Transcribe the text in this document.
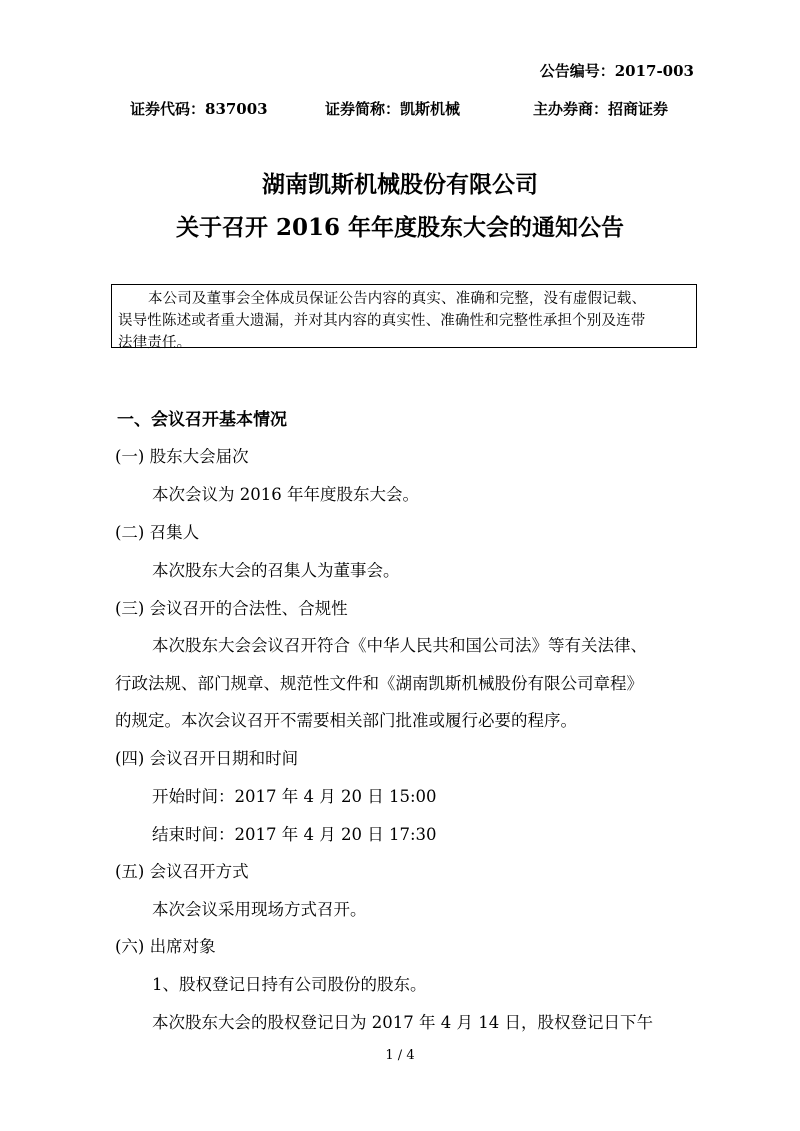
公告编号：2017-003
证券代码：837003	证券简称：凯斯机械	主办券商：招商证券
湖南凯斯机械股份有限公司
关于召开 2016 年年度股东大会的通知公告

本公司及董事会全体成员保证公告内容的真实、准确和完整，没有虚假记载、

误导性陈述或者重大遗漏，并对其内容的真实性、准确性和完整性承担个别及连带

法律责任。

一、会议召开基本情况
(一) 股东大会届次
本次会议为 2016 年年度股东大会。
(二) 召集人
本次股东大会的召集人为董事会。
(三) 会议召开的合法性、合规性
本次股东大会会议召开符合《中华人民共和国公司法》等有关法律、
行政法规、部门规章、规范性文件和《湖南凯斯机械股份有限公司章程》
的规定。本次会议召开不需要相关部门批准或履行必要的程序。
(四) 会议召开日期和时间
开始时间：2017 年 4 月 20 日 15:00
结束时间：2017 年 4 月 20 日 17:30
(五) 会议召开方式
本次会议采用现场方式召开。
(六) 出席对象
1、股权登记日持有公司股份的股东。
本次股东大会的股权登记日为 2017 年 4 月 14 日，股权登记日下午
1 / 4
